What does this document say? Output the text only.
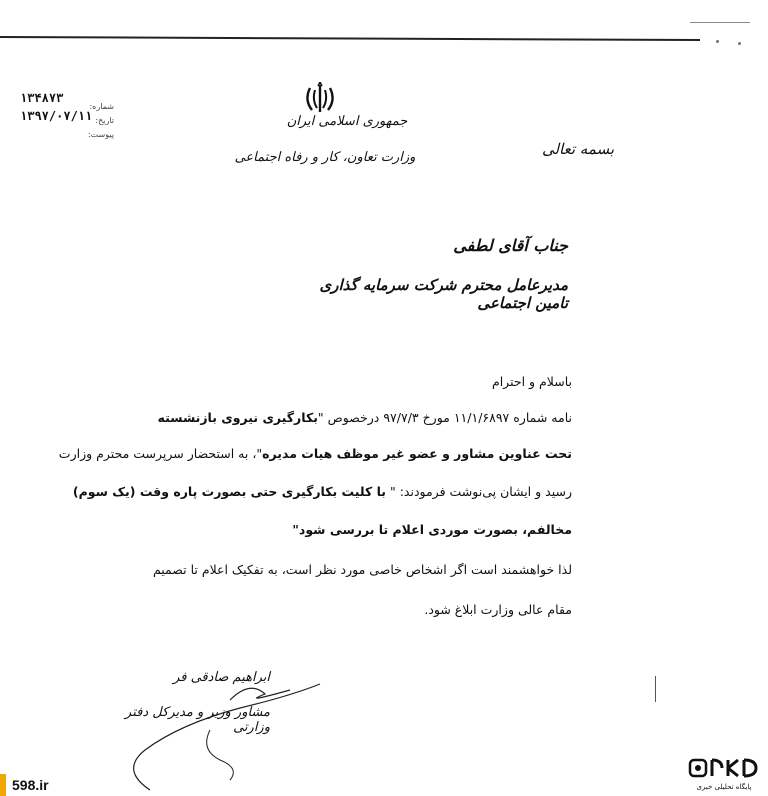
جمهوری اسلامی ایران
وزارت تعاون، کار و رفاه اجتماعی	بسمه تعالی
شماره:
تاریخ:
پیوست:
۱۳۴۸۷۳
۱۳۹۷/۰۷/۱۱
جناب آقای لطفی
مدیرعامل محترم شرکت سرمایه گذاری تامین اجتماعی
باسلام و احترام
نامه شماره ۱۱/۱/۶۸۹۷ مورخ ۹۷/۷/۳ درخصوص "بکارگیری نیروی بازنشسته
تحت عناوین مشاور و عضو غیر موظف هیات مدیره"، به استحضار سرپرست محترم وزارت
رسید و ایشان پی‌نوشت فرمودند: " با کلیت بکارگیری حتی بصورت پاره وقت (یک سوم)
مخالفم، بصورت موردی اعلام تا بررسی شود"
لذا خواهشمند است اگر اشخاص خاصی مورد نظر است، به تفکیک اعلام تا تصمیم
مقام عالی وزارت ابلاغ شود.
ابراهیم صادقی فر
مشاور وزیر و مدیرکل دفتر وزارتی
598.ir	پایگاه تحلیلی خبری
